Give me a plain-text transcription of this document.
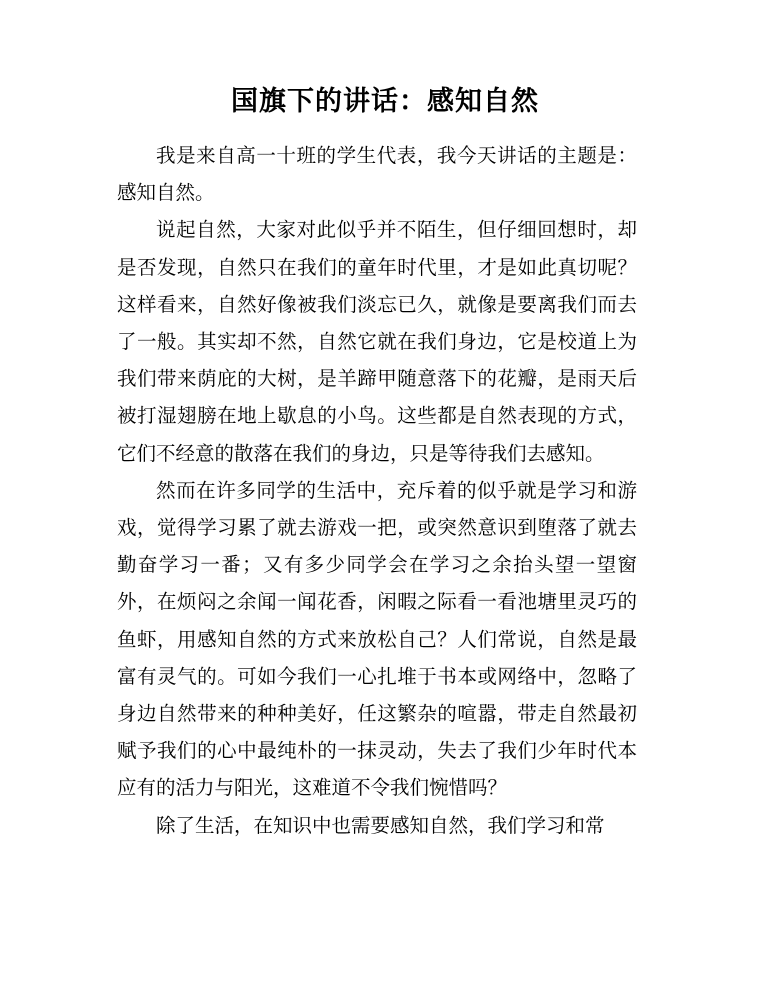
国旗下的讲话：感知自然

我是来自高一十班的学生代表，我今天讲话的主题是：感知自然。

说起自然，大家对此似乎并不陌生，但仔细回想时，却是否发现，自然只在我们的童年时代里，才是如此真切呢？这样看来，自然好像被我们淡忘已久，就像是要离我们而去了一般。其实却不然，自然它就在我们身边，它是校道上为我们带来荫庇的大树，是羊蹄甲随意落下的花瓣，是雨天后被打湿翅膀在地上歇息的小鸟。这些都是自然表现的方式，它们不经意的散落在我们的身边，只是等待我们去感知。

然而在许多同学的生活中，充斥着的似乎就是学习和游戏，觉得学习累了就去游戏一把，或突然意识到堕落了就去勤奋学习一番；又有多少同学会在学习之余抬头望一望窗外，在烦闷之余闻一闻花香，闲暇之际看一看池塘里灵巧的鱼虾，用感知自然的方式来放松自己？人们常说，自然是最富有灵气的。可如今我们一心扎堆于书本或网络中，忽略了身边自然带来的种种美好，任这繁杂的喧嚣，带走自然最初赋予我们的心中最纯朴的一抹灵动，失去了我们少年时代本应有的活力与阳光，这难道不令我们惋惜吗？

除了生活，在知识中也需要感知自然，我们学习和常
